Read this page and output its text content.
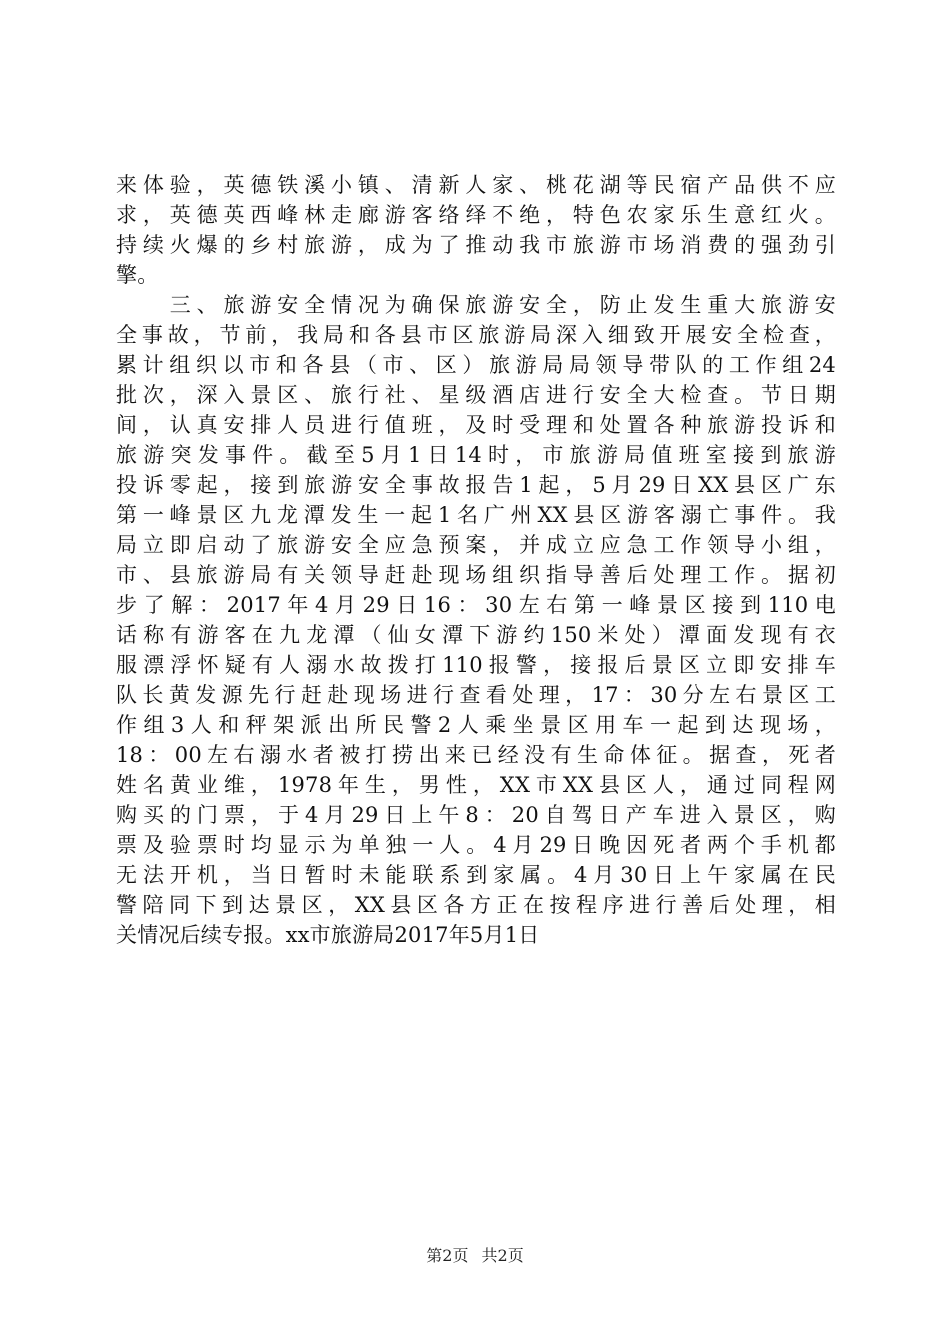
来体验，英德铁溪小镇、清新人家、桃花湖等民宿产品供不应
求，英德英西峰林走廊游客络绎不绝，特色农家乐生意红火。
持续火爆的乡村旅游，成为了推动我市旅游市场消费的强劲引
擎。
　　三、旅游安全情况为确保旅游安全，防止发生重大旅游安
全事故，节前，我局和各县市区旅游局深入细致开展安全检查，
累计组织以市和各县（市、区）旅游局局领导带队的工作组24
批次，深入景区、旅行社、星级酒店进行安全大检查。节日期
间，认真安排人员进行值班，及时受理和处置各种旅游投诉和
旅游突发事件。截至5月1日14时，市旅游局值班室接到旅游
投诉零起，接到旅游安全事故报告1起，5月29日XX县区广东
第一峰景区九龙潭发生一起1名广州XX县区游客溺亡事件。我
局立即启动了旅游安全应急预案，并成立应急工作领导小组，
市、县旅游局有关领导赶赴现场组织指导善后处理工作。据初
步了解：2017年4月29日16：30左右第一峰景区接到110电
话称有游客在九龙潭（仙女潭下游约150米处）潭面发现有衣
服漂浮怀疑有人溺水故拨打110报警，接报后景区立即安排车
队长黄发源先行赶赴现场进行查看处理，17：30分左右景区工
作组3人和秤架派出所民警2人乘坐景区用车一起到达现场，
18：00左右溺水者被打捞出来已经没有生命体征。据查，死者
姓名黄业维，1978年生，男性，XX市XX县区人，通过同程网
购买的门票，于4月29日上午8：20自驾日产车进入景区，购
票及验票时均显示为单独一人。4月29日晚因死者两个手机都
无法开机，当日暂时未能联系到家属。4月30日上午家属在民
警陪同下到达景区，XX县区各方正在按程序进行善后处理，相
关情况后续专报。xx市旅游局2017年5月1日
第2页 共2页
